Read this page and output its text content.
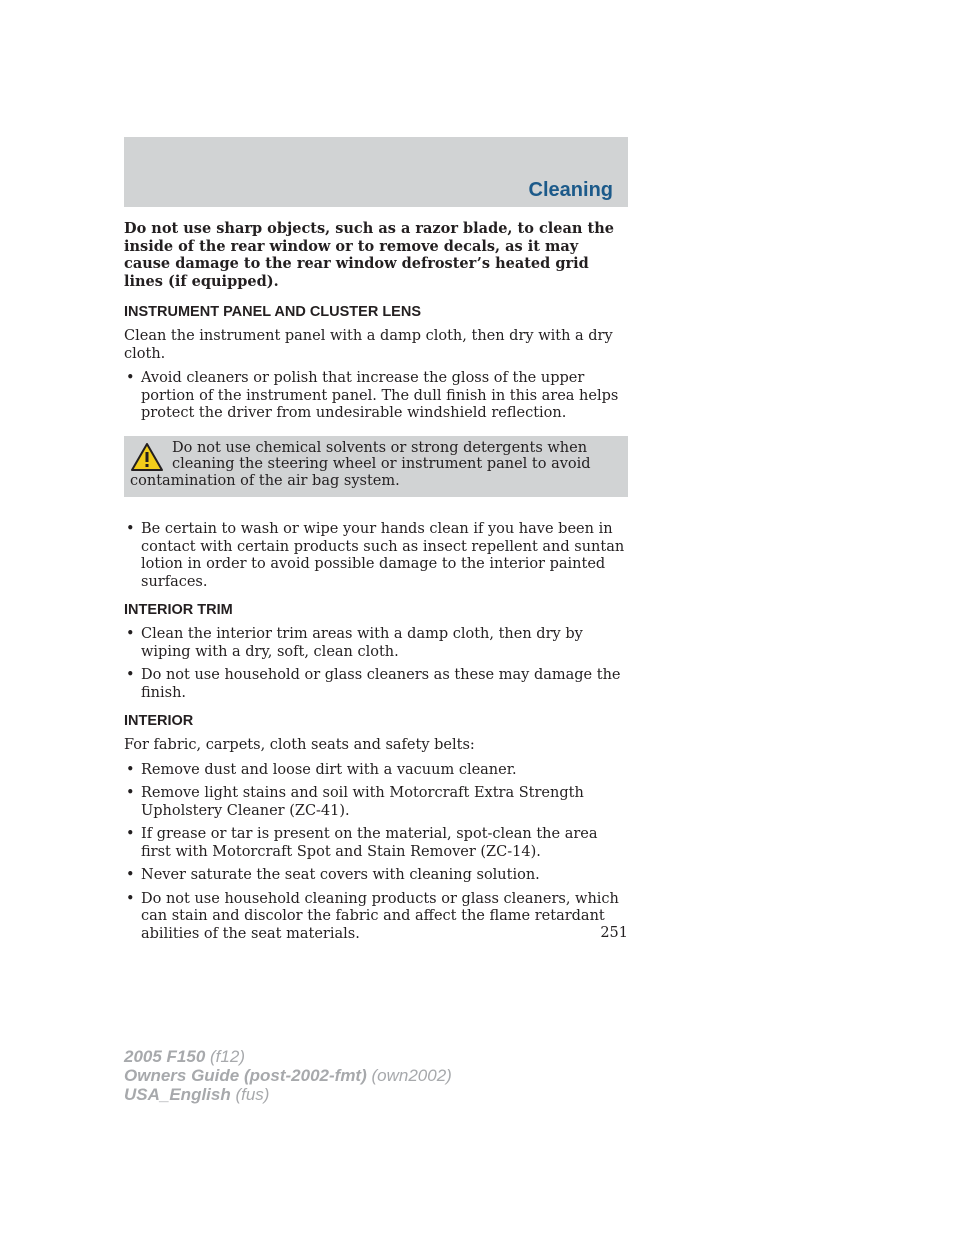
Cleaning

Do not use sharp objects, such as a razor blade, to clean the inside of the rear window or to remove decals, as it may cause damage to the rear window defroster’s heated grid lines (if equipped).

INSTRUMENT PANEL AND CLUSTER LENS

Clean the instrument panel with a damp cloth, then dry with a dry cloth.

• Avoid cleaners or polish that increase the gloss of the upper portion of the instrument panel. The dull finish in this area helps protect the driver from undesirable windshield reflection.
Do not use chemical solvents or strong detergents when cleaning the steering wheel or instrument panel to avoid contamination of the air bag system.
• Be certain to wash or wipe your hands clean if you have been in contact with certain products such as insect repellent and suntan lotion in order to avoid possible damage to the interior painted surfaces.
INTERIOR TRIM
• Clean the interior trim areas with a damp cloth, then dry by wiping with a dry, soft, clean cloth.
• Do not use household or glass cleaners as these may damage the finish.
INTERIOR

For fabric, carpets, cloth seats and safety belts:

• Remove dust and loose dirt with a vacuum cleaner.
• Remove light stains and soil with Motorcraft Extra Strength Upholstery Cleaner (ZC-41).
• If grease or tar is present on the material, spot-clean the area first with Motorcraft Spot and Stain Remover (ZC-14).
• Never saturate the seat covers with cleaning solution.
• Do not use household cleaning products or glass cleaners, which can stain and discolor the fabric and affect the flame retardant abilities of the seat materials.	251
2005 F150 (f12)
Owners Guide (post-2002-fmt) (own2002)
USA_English (fus)
